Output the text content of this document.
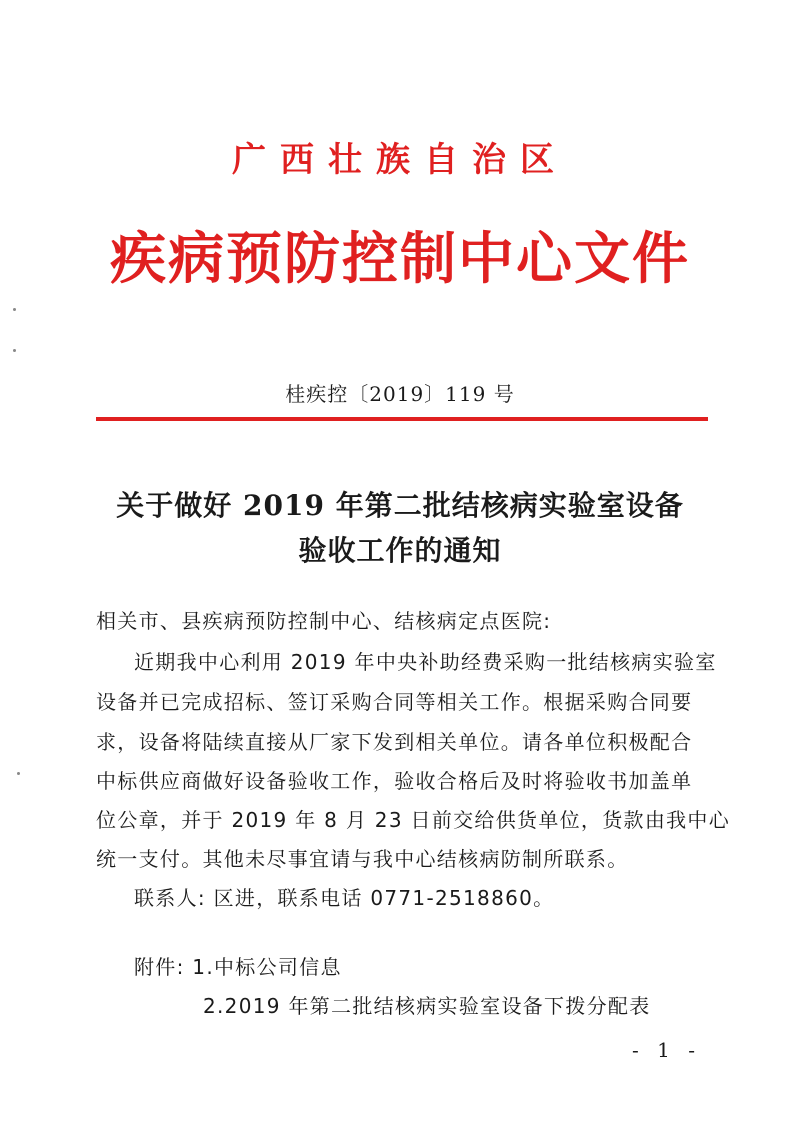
广西壮族自治区
疾病预防控制中心文件
桂疾控〔2019〕119 号
关于做好 2019 年第二批结核病实验室设备
验收工作的通知
相关市、县疾病预防控制中心、结核病定点医院:
近期我中心利用 2019 年中央补助经费采购一批结核病实验室
设备并已完成招标、签订采购合同等相关工作。根据采购合同要
求，设备将陆续直接从厂家下发到相关单位。请各单位积极配合
中标供应商做好设备验收工作，验收合格后及时将验收书加盖单
位公章，并于 2019 年 8 月 23 日前交给供货单位，货款由我中心
统一支付。其他未尽事宜请与我中心结核病防制所联系。
联系人: 区进，联系电话 0771-2518860。
附件: 1.中标公司信息
2.2019 年第二批结核病实验室设备下拨分配表
- 1 -
